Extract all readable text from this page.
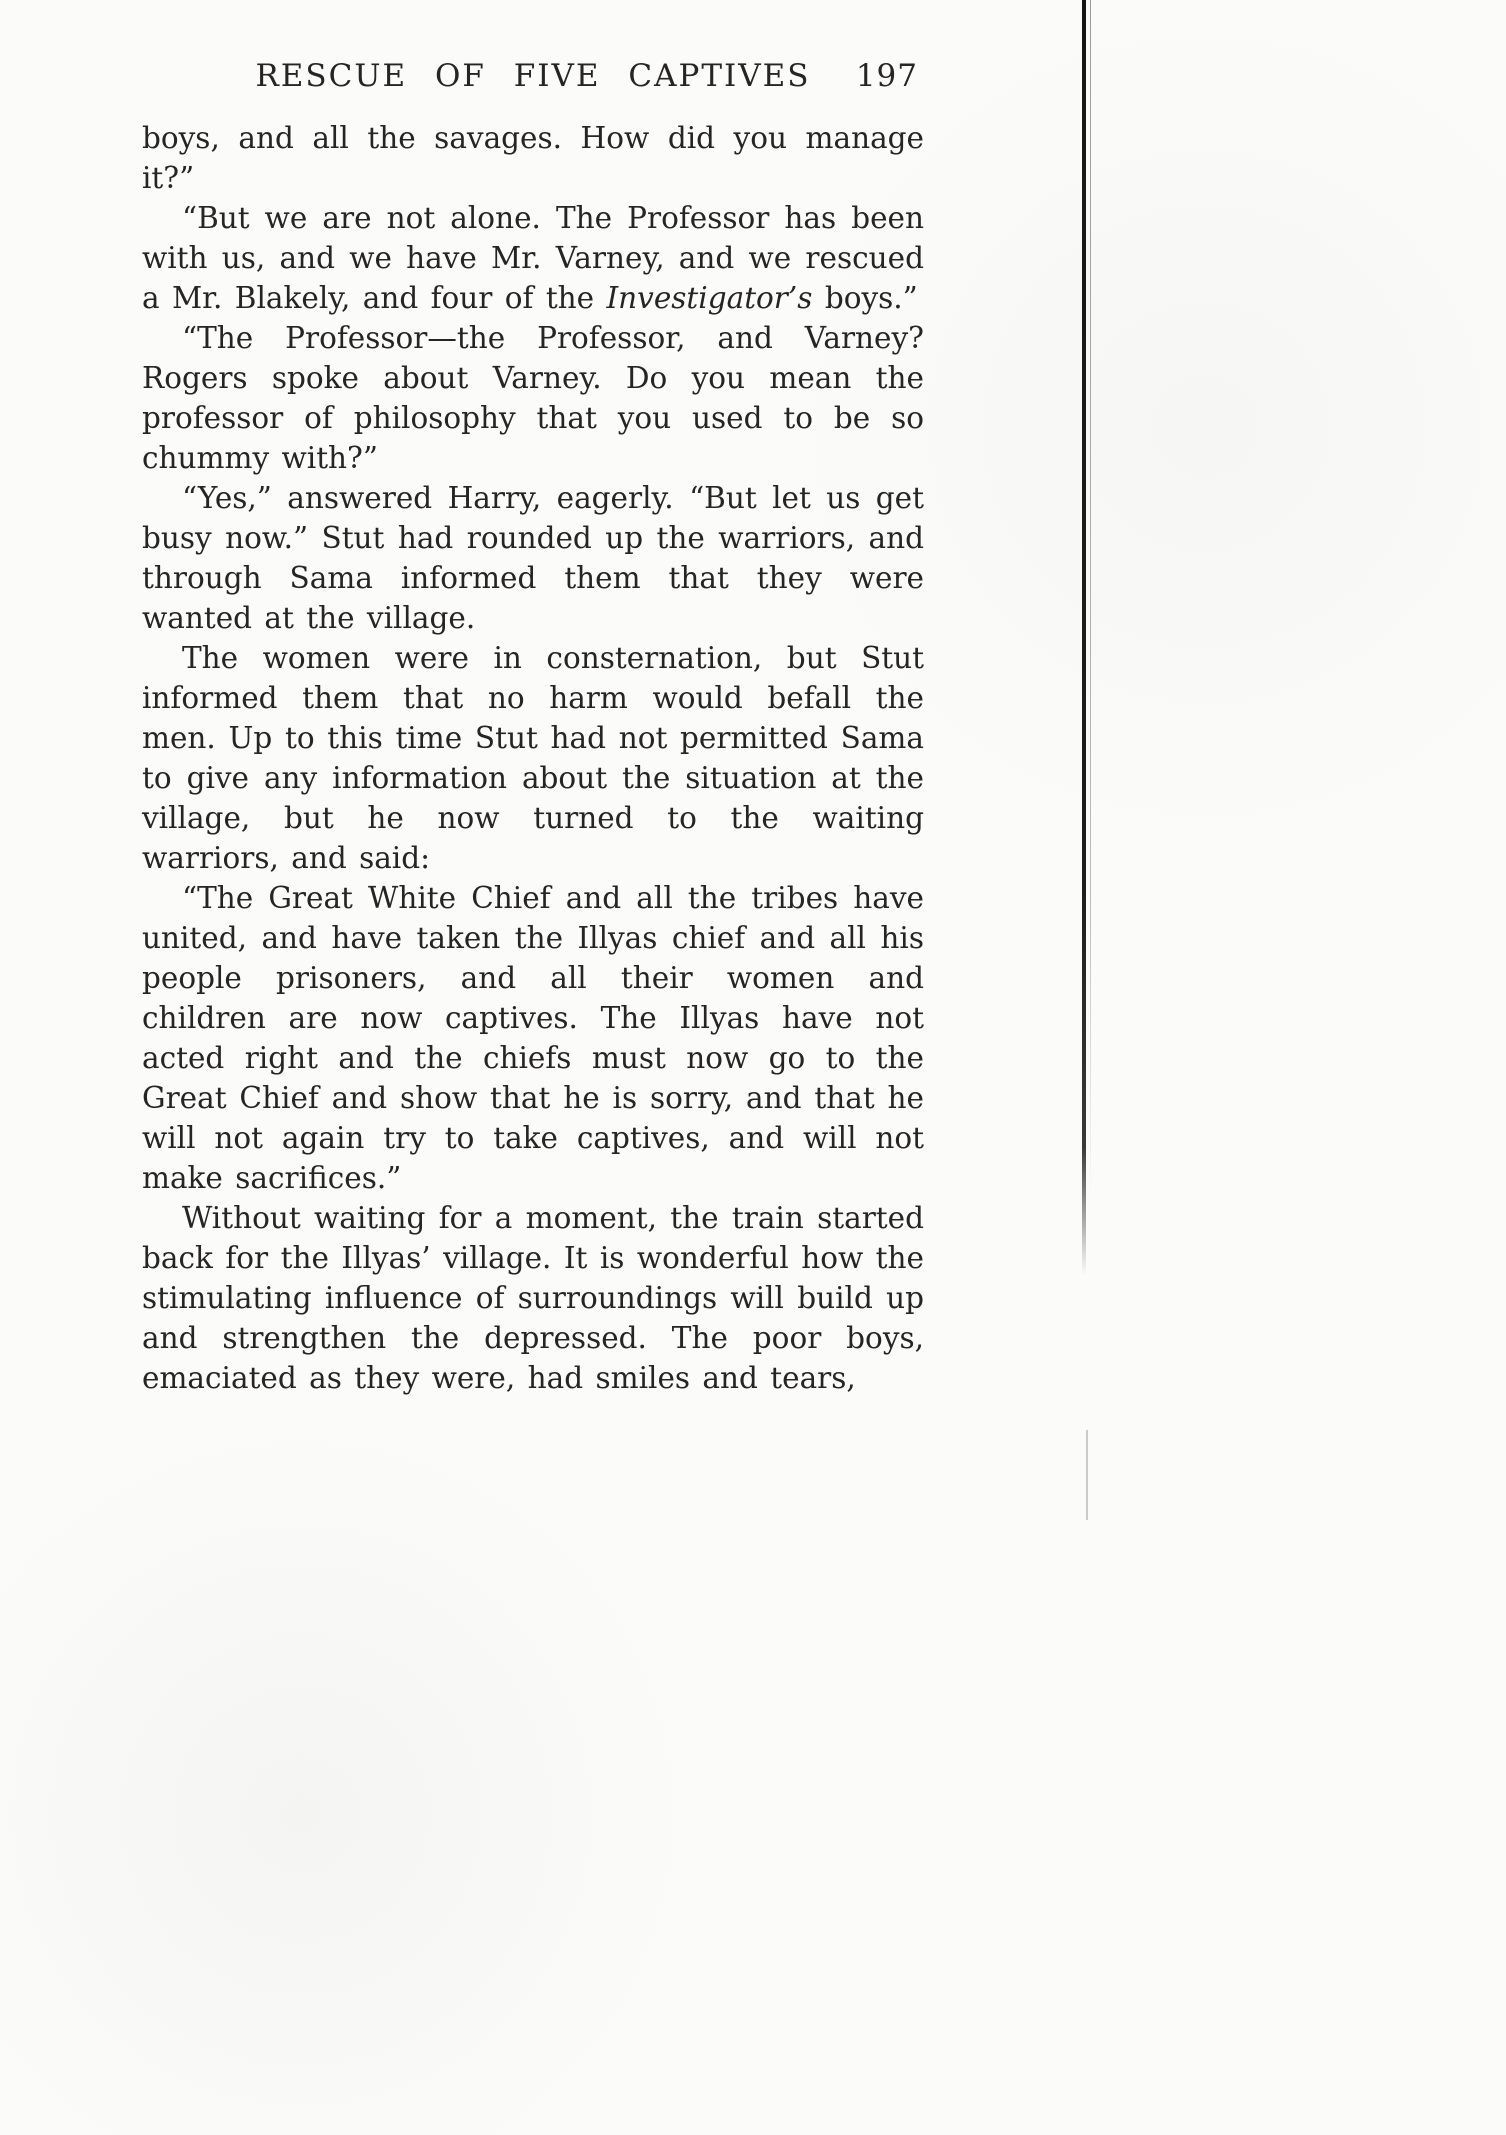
RESCUE OF FIVE CAPTIVES 197

boys, and all the savages. How did you manage it?”

“But we are not alone. The Professor has been with us, and we have Mr. Varney, and we rescued a Mr. Blakely, and four of the Investigator’s boys.”

“The Professor—the Professor, and Varney? Rogers spoke about Varney. Do you mean the professor of philosophy that you used to be so chummy with?”

“Yes,” answered Harry, eagerly. “But let us get busy now.” Stut had rounded up the warriors, and through Sama informed them that they were wanted at the village.

The women were in consternation, but Stut informed them that no harm would befall the men. Up to this time Stut had not permitted Sama to give any information about the situation at the village, but he now turned to the waiting warriors, and said:

“The Great White Chief and all the tribes have united, and have taken the Illyas chief and all his people prisoners, and all their women and children are now captives. The Illyas have not acted right and the chiefs must now go to the Great Chief and show that he is sorry, and that he will not again try to take captives, and will not make sacrifices.”

Without waiting for a moment, the train started back for the Illyas’ village. It is wonderful how the stimulating influence of surroundings will build up and strengthen the depressed. The poor boys, emaciated as they were, had smiles and tears,
